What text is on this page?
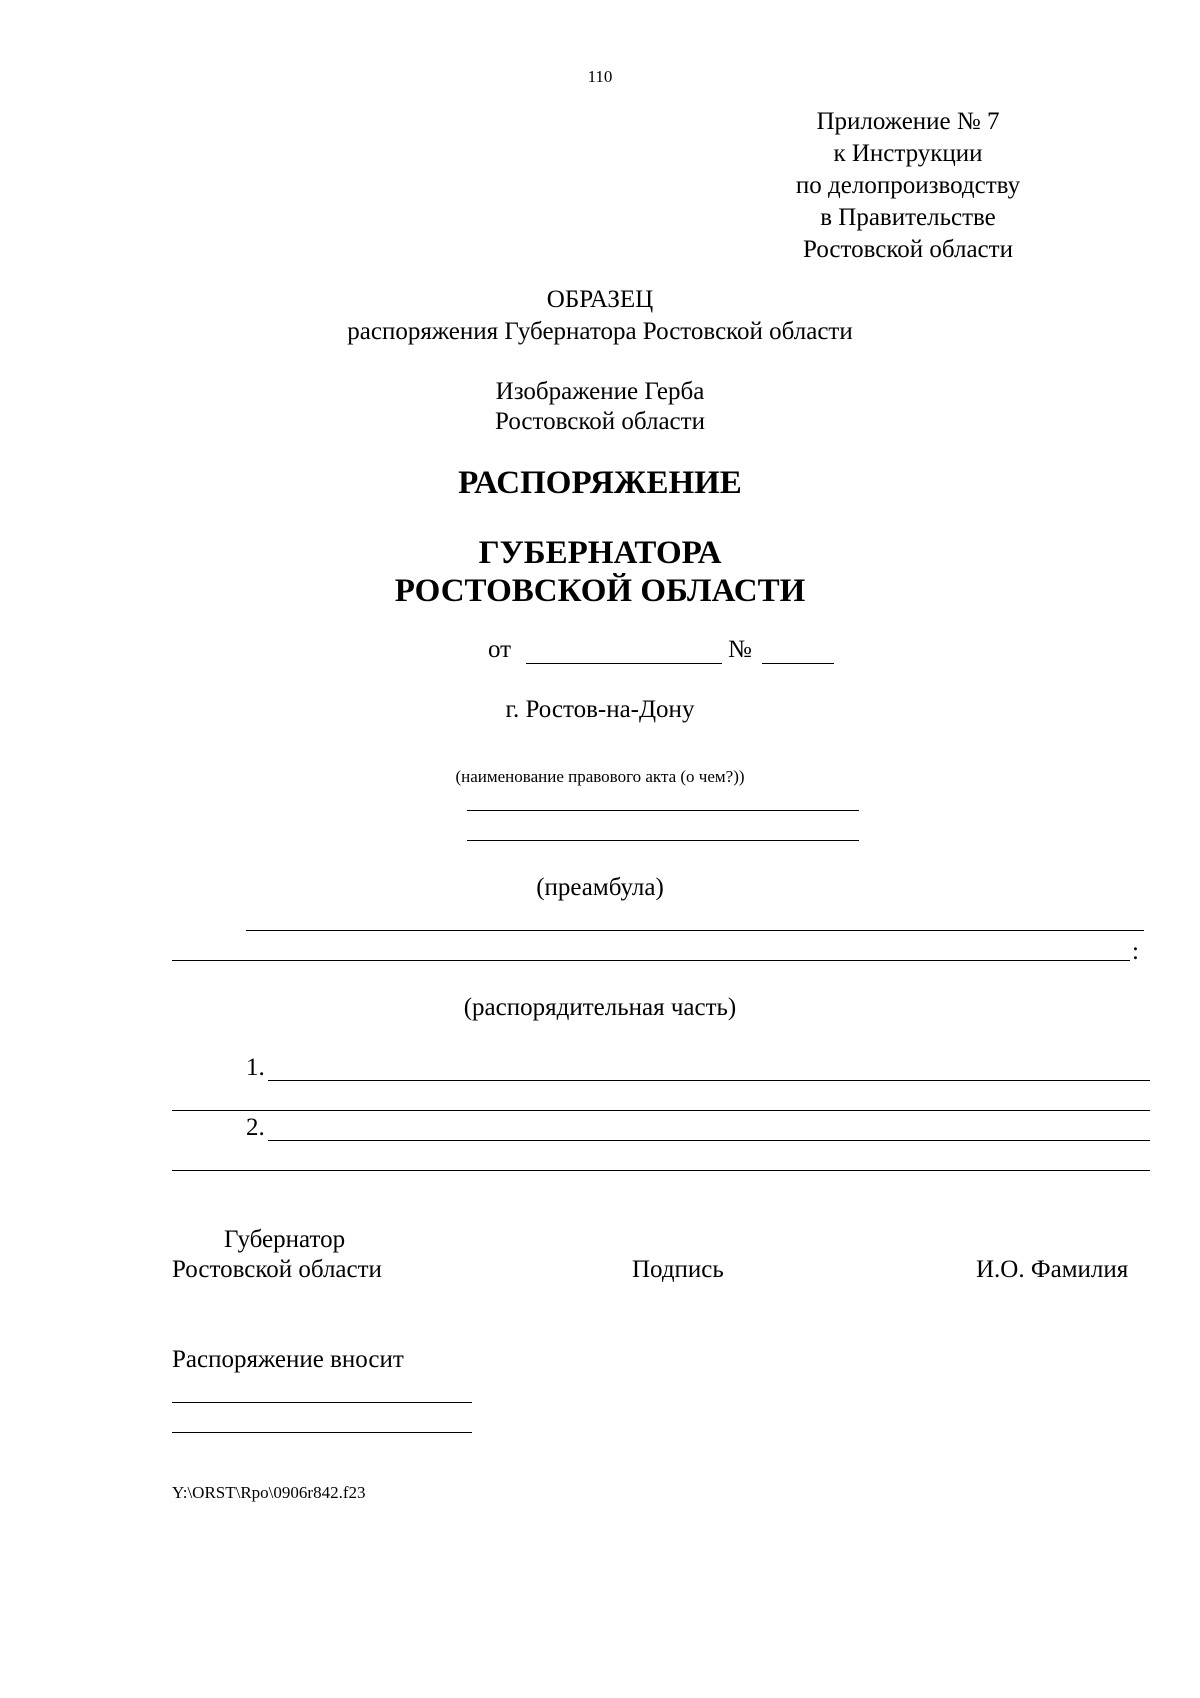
110
Приложение № 7
к Инструкции
по делопроизводству
в Правительстве
Ростовской области
ОБРАЗЕЦ
распоряжения Губернатора Ростовской области
Изображение Герба
Ростовской области
РАСПОРЯЖЕНИЕ
ГУБЕРНАТОРА
РОСТОВСКОЙ ОБЛАСТИ
от	№
г. Ростов-на-Дону
(наименование правового акта (о чем?))
(преамбула)
:
(распорядительная часть)
1.
2.
Губернатор
Ростовской области	Подпись	И.О. Фамилия
Распоряжение вносит
Y:\ORST\Rpo\0906r842.f23
